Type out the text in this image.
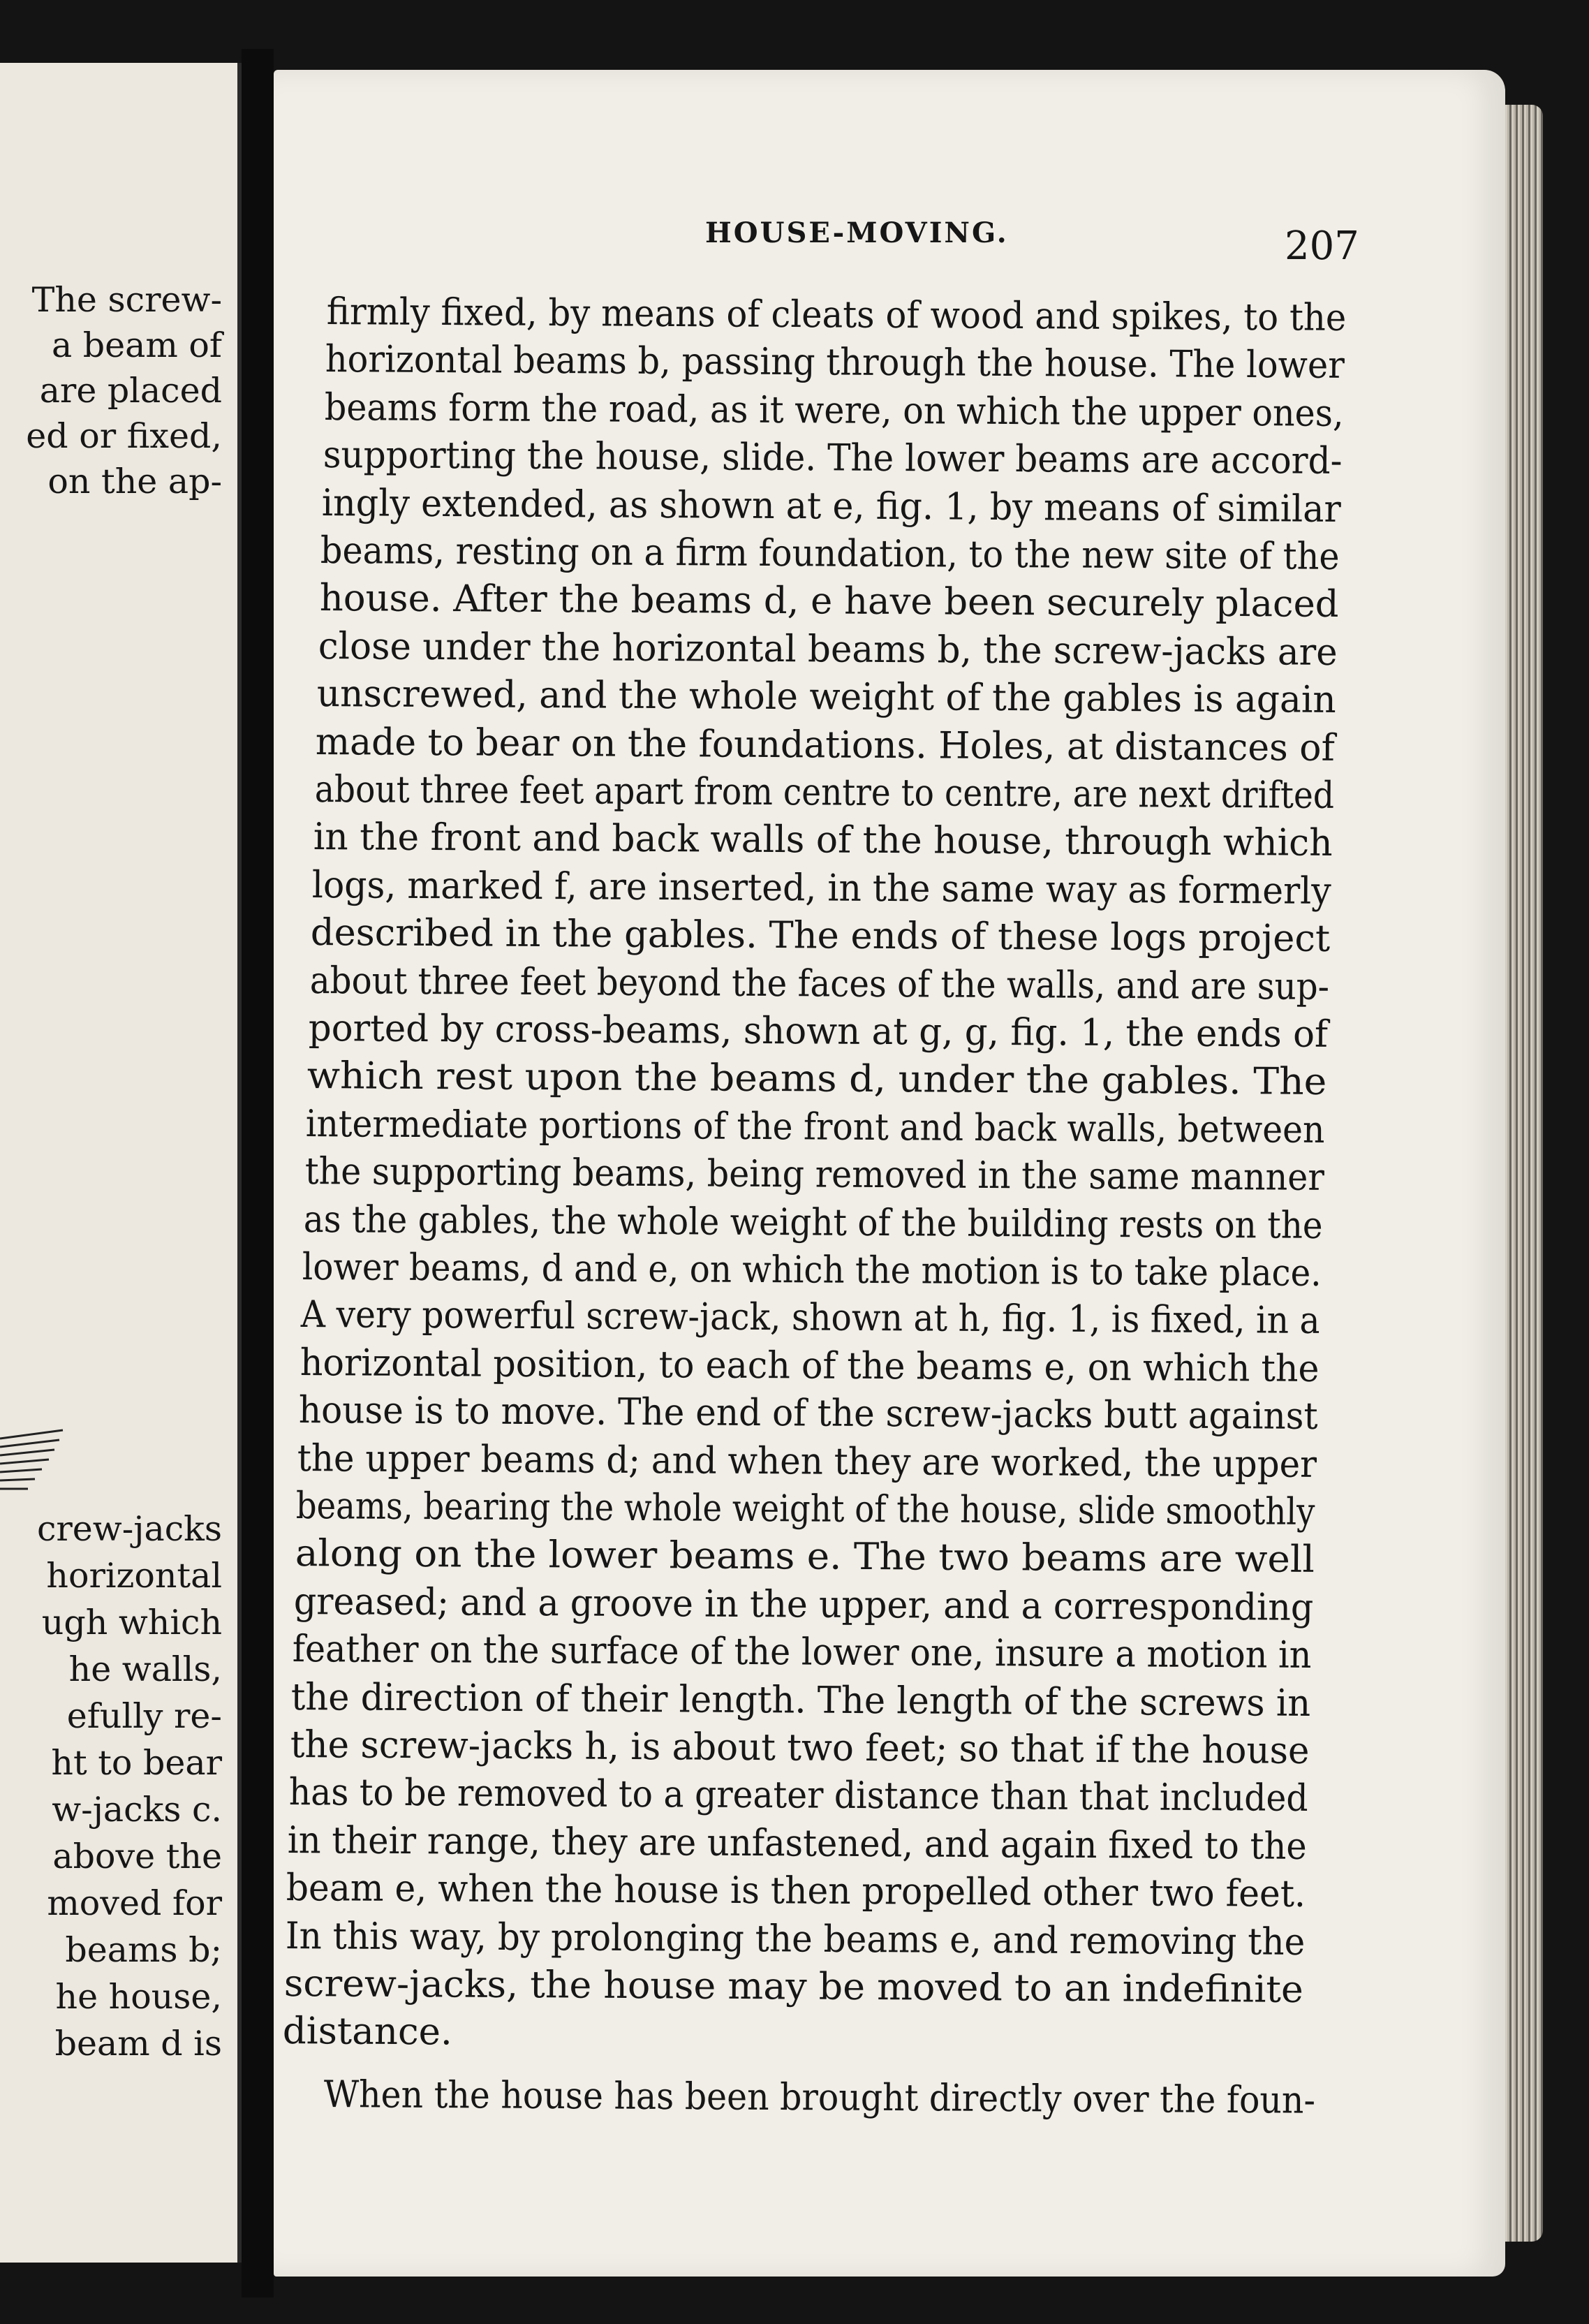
The screw-
a beam of
are placed
ed or fixed,
on the ap-
crew-jacks
horizontal
ugh which
he walls,
efully re-
ht to bear
w-jacks c.
above the
moved for
beams b;
he house,
beam d is
HOUSE-MOVING.	207
firmly fixed, by means of cleats of wood and spikes, to the
horizontal beams b, passing through the house. The lower
beams form the road, as it were, on which the upper ones,
supporting the house, slide. The lower beams are accord-
ingly extended, as shown at e, fig. 1, by means of similar
beams, resting on a firm foundation, to the new site of the
house. After the beams d, e have been securely placed
close under the horizontal beams b, the screw-jacks are
unscrewed, and the whole weight of the gables is again
made to bear on the foundations. Holes, at distances of
about three feet apart from centre to centre, are next drifted
in the front and back walls of the house, through which
logs, marked f, are inserted, in the same way as formerly
described in the gables. The ends of these logs project
about three feet beyond the faces of the walls, and are sup-
ported by cross-beams, shown at g, g, fig. 1, the ends of
which rest upon the beams d, under the gables. The
intermediate portions of the front and back walls, between
the supporting beams, being removed in the same manner
as the gables, the whole weight of the building rests on the
lower beams, d and e, on which the motion is to take place.
A very powerful screw-jack, shown at h, fig. 1, is fixed, in a
horizontal position, to each of the beams e, on which the
house is to move. The end of the screw-jacks butt against
the upper beams d; and when they are worked, the upper
beams, bearing the whole weight of the house, slide smoothly
along on the lower beams e. The two beams are well
greased; and a groove in the upper, and a corresponding
feather on the surface of the lower one, insure a motion in
the direction of their length. The length of the screws in
the screw-jacks h, is about two feet; so that if the house
has to be removed to a greater distance than that included
in their range, they are unfastened, and again fixed to the
beam e, when the house is then propelled other two feet.
In this way, by prolonging the beams e, and removing the
screw-jacks, the house may be moved to an indefinite
distance.
When the house has been brought directly over the foun-
